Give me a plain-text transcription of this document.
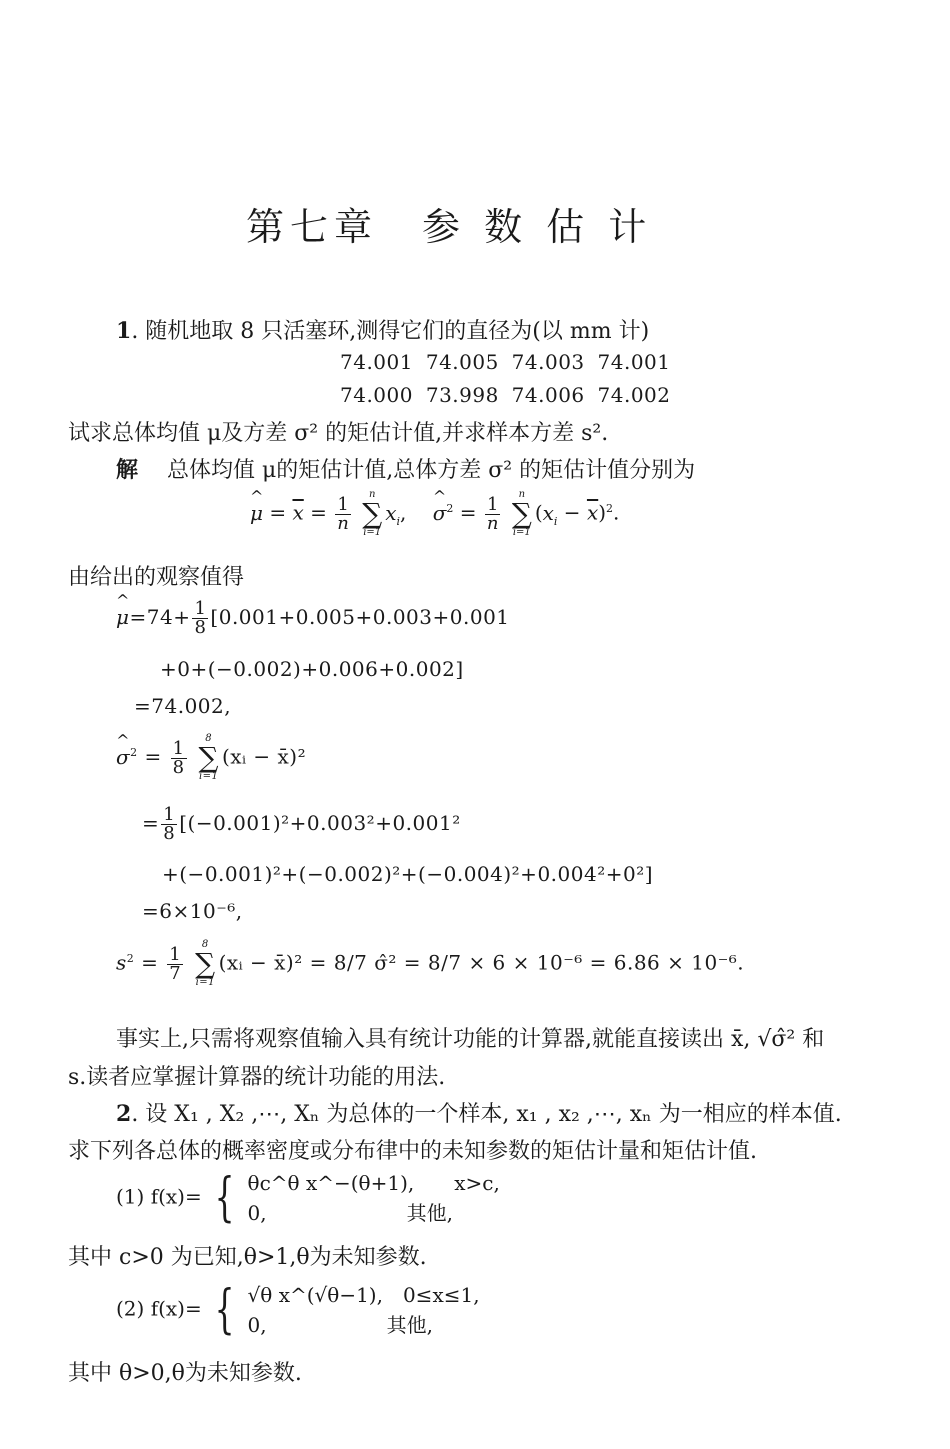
第七章　参 数 估 计
1. 随机地取 8 只活塞环,测得它们的直径为(以 mm 计)
74.001 74.005 74.003 74.001
74.000 73.998 74.006 74.002
试求总体均值 μ及方差 σ² 的矩估计值,并求样本方差 s².
解　 总体均值 μ的矩估计值,总体方差 σ² 的矩估计值分别为
^ $\mu = \overline{x} = \frac{1}{n}$

n
∑
i=1
$x_i$,　 ^ $\sigma^2 = \frac{1}{n}$

n
∑
i=1
$(x_i - \overline{x})^2$.
由给出的观察值得
^ $\mu=74+ \frac{1}{8} [0.001+0.005+0.003+0.001$
+0+(−0.002)+0.006+0.002]
=74.002,
^ $\sigma^2 = \frac{1}{8}$

8
∑
i=1
(xᵢ − x̄)²
= $\frac{1}{8} [(-0.001)^2+0.003^2+0.001^2$
+(−0.001)²+(−0.002)²+(−0.004)²+0.004²+0²]
=6×10⁻⁶,
$s^2 = \frac{1}{7}$

8
∑
i=1
(xᵢ − x̄)² = 8/7 σ̂² = 8/7 × 6 × 10⁻⁶ = 6.86 × 10⁻⁶.
事实上,只需将观察值输入具有统计功能的计算器,就能直接读出 x̄, √σ̂² 和
s.读者应掌握计算器的统计功能的用法.
2. 设 X₁ , X₂ ,⋯, Xₙ 为总体的一个样本, x₁ , x₂ ,⋯, xₙ 为一相应的样本值.
求下列各总体的概率密度或分布律中的未知参数的矩估计量和矩估计值.
(1) f(x)= { θc^θ x^−(θ+1),　　x>c,
0,　　　　　　　其他,
其中 c>0 为已知,θ>1,θ为未知参数.
(2) f(x)= { √θ x^(√θ−1),　0≤x≤1,
0,　　　　　　其他,
其中 θ>0,θ为未知参数.
